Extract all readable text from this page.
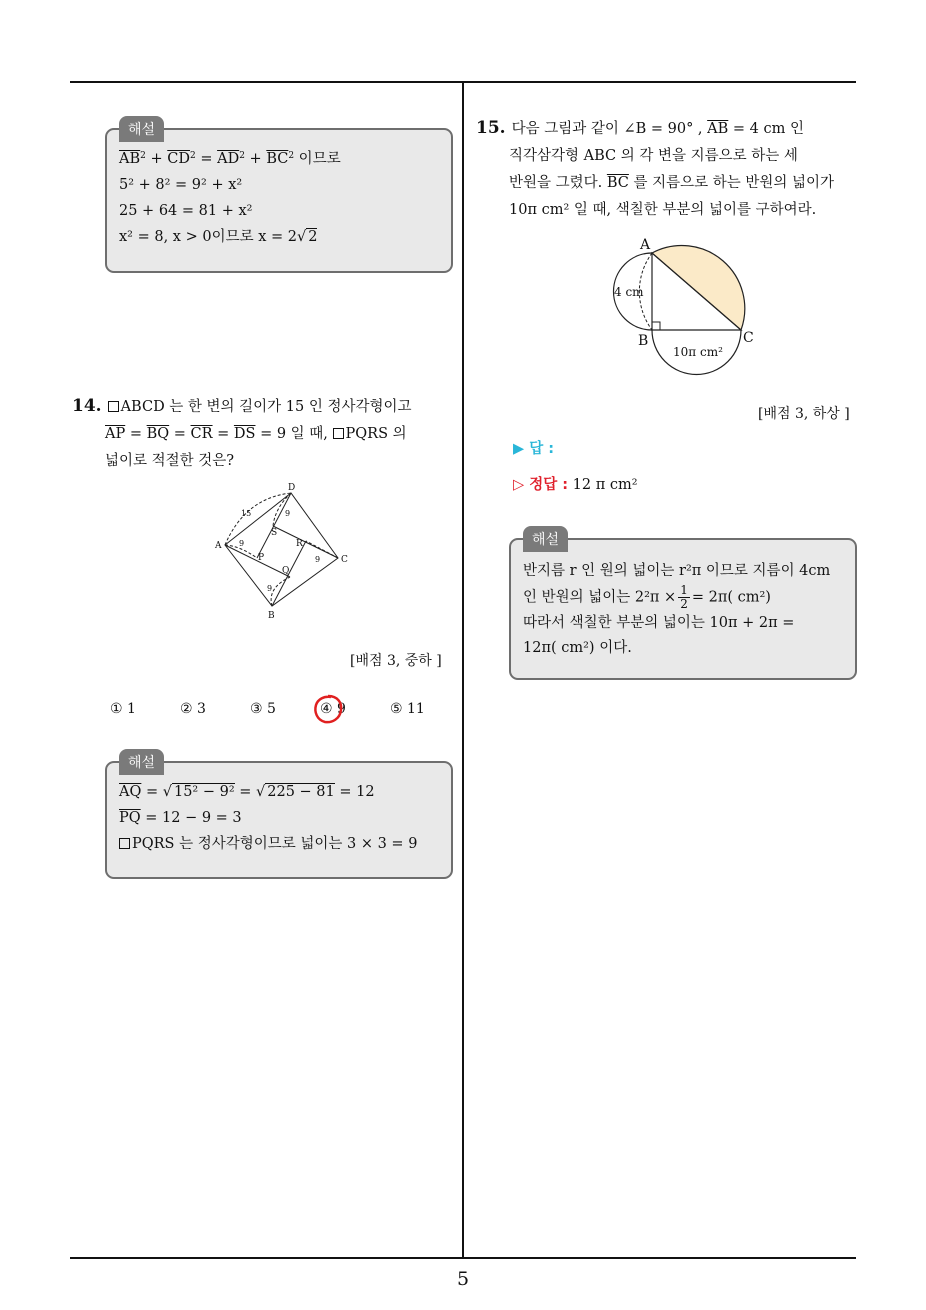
해설
$\overline{AB}^2 + \overline{CD}^2 = \overline{AD}^2 + \overline{BC}^2$ 이므로
5² + 8² = 9² + x²
25 + 64 = 81 + x²
x² = 8, x > 0이므로 x = 2√ 2
14. ABCD 는 한 변의 길이가 15 인 정사각형이고
$\overline{AP} = \overline{BQ} = \overline{CR} = \overline{DS} = 9$ 일 때, PQRS 의
넓이로 적절한 것은?
A
B
C
D
P
Q
R
S
15
9
9
9
9
[배점 3, 중하 ]
① 1	② 3	③ 5	④ 9	⑤ 11
해설
$\overline{AQ}$ = √ 15² − 9² = √ 225 − 81 = 12
$\overline{PQ} = 12 - 9 = 3$
PQRS 는 정사각형이므로 넓이는 3 × 3 = 9
15. 다음 그림과 같이 ∠B = 90° , $\overline{AB} = 4$ cm 인
직각삼각형 ABC 의 각 변을 지름으로 하는 세
반원을 그렸다. $\overline{BC}$ 를 지름으로 하는 반원의 넓이가
10π cm² 일 때, 색칠한 부분의 넓이를 구하여라.
A
B	C
4 cm
10π cm²
[배점 3, 하상 ]
▶ 답 :
▷ 정답 : 12 π cm²
해설
반지름 r 인 원의 넓이는 r²π 이므로 지름이 4cm
인 반원의 넓이는 $2^2\pi \times \frac{1}{2} = 2\pi$( cm²)
따라서 색칠한 부분의 넓이는 10π + 2π =
12π( cm²) 이다.
5
